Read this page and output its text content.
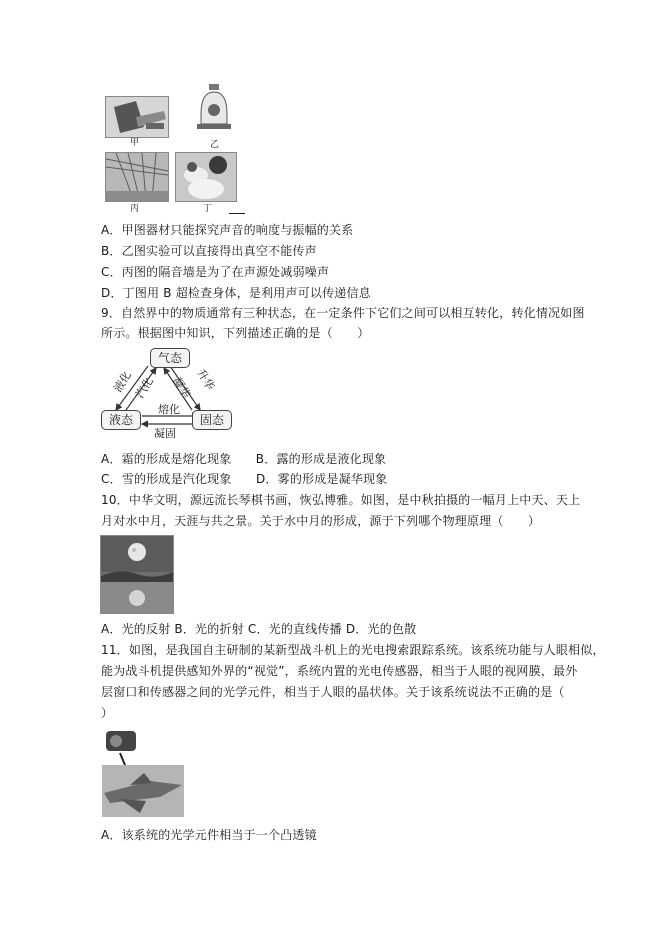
甲	乙
丙	丁
A．甲图器材只能探究声音的响度与振幅的关系
B．乙图实验可以直接得出真空不能传声
C．丙图的隔音墙是为了在声源处减弱噪声
D．丁图用 B 超检查身体，是利用声可以传递信息
9．自然界中的物质通常有三种状态，在一定条件下它们之间可以相互转化，转化情况如图
所示。根据图中知识，下列描述正确的是（　　）
气态
液态	固态
液化 汽化	升华
凝华
熔化
凝固
A．霜的形成是熔化现象　　B．露的形成是液化现象
C．雪的形成是汽化现象　　D．雾的形成是凝华现象
10．中华文明，源远流长琴棋书画，恢弘博雅。如图，是中秋拍摄的一幅月上中天、天上
月对水中月，天涯与共之景。关于水中月的形成，源于下列哪个物理原理（　　）
A．光的反射 B．光的折射 C．光的直线传播 D．光的色散
11．如图，是我国自主研制的某新型战斗机上的光电搜索跟踪系统。该系统功能与人眼相似，
能为战斗机提供感知外界的“视觉”，系统内置的光电传感器，相当于人眼的视网膜，最外
层窗口和传感器之间的光学元件，相当于人眼的晶状体。关于该系统说法不正确的是（
）
A．该系统的光学元件相当于一个凸透镜
